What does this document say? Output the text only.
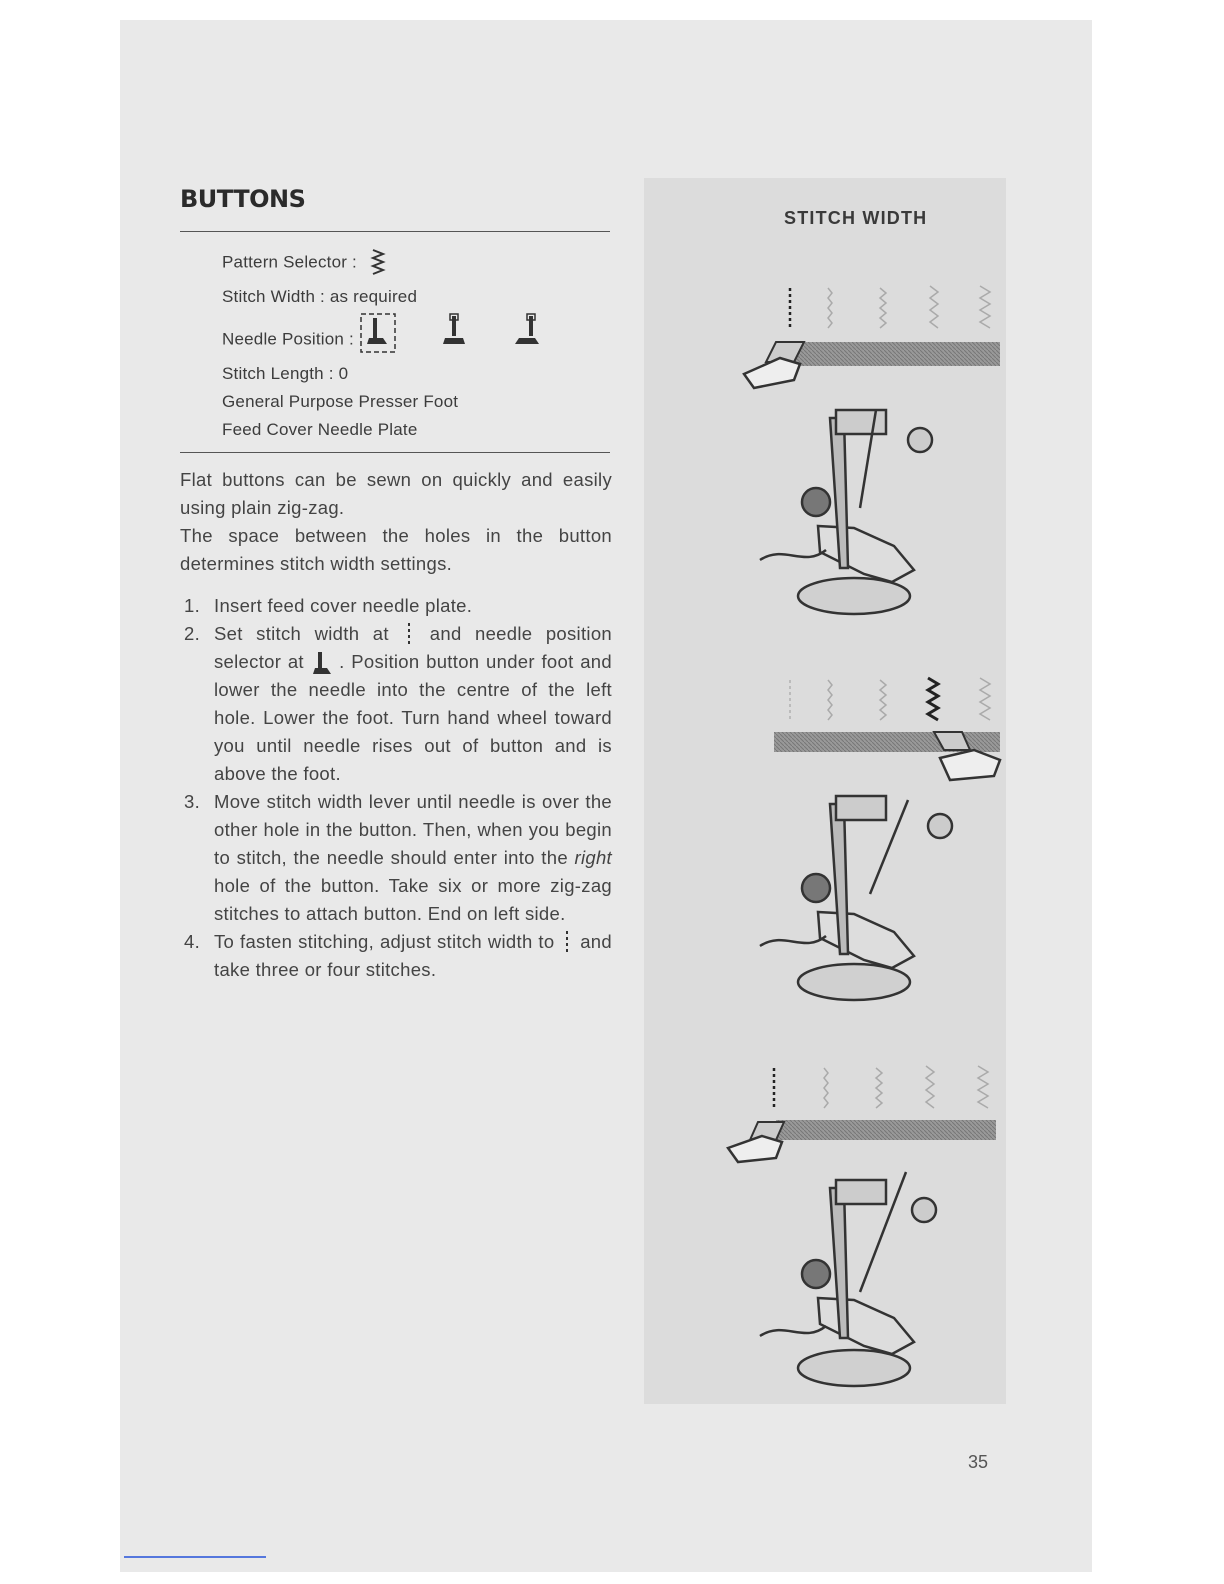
BUTTONS
Pattern Selector :
Stitch Width : as required
Needle Position :
Stitch Length : 0
General Purpose Presser Foot
Feed Cover Needle Plate
Flat buttons can be sewn on quickly and easily using plain zig-zag.
The space between the holes in the button determines stitch width settings.
1. Insert feed cover needle plate.
2. Set stitch width at and needle position selector at . Position button under foot and lower the needle into the centre of the left hole. Lower the foot. Turn hand wheel toward you until needle rises out of button and is above the foot.
3. Move stitch width lever until needle is over the other hole in the button. Then, when you begin to stitch, the needle should enter into the right hole of the button. Take six or more zig-zag stitches to attach button. End on left side.
4. To fasten stitching, adjust stitch width to and take three or four stitches.
STITCH WIDTH
35
